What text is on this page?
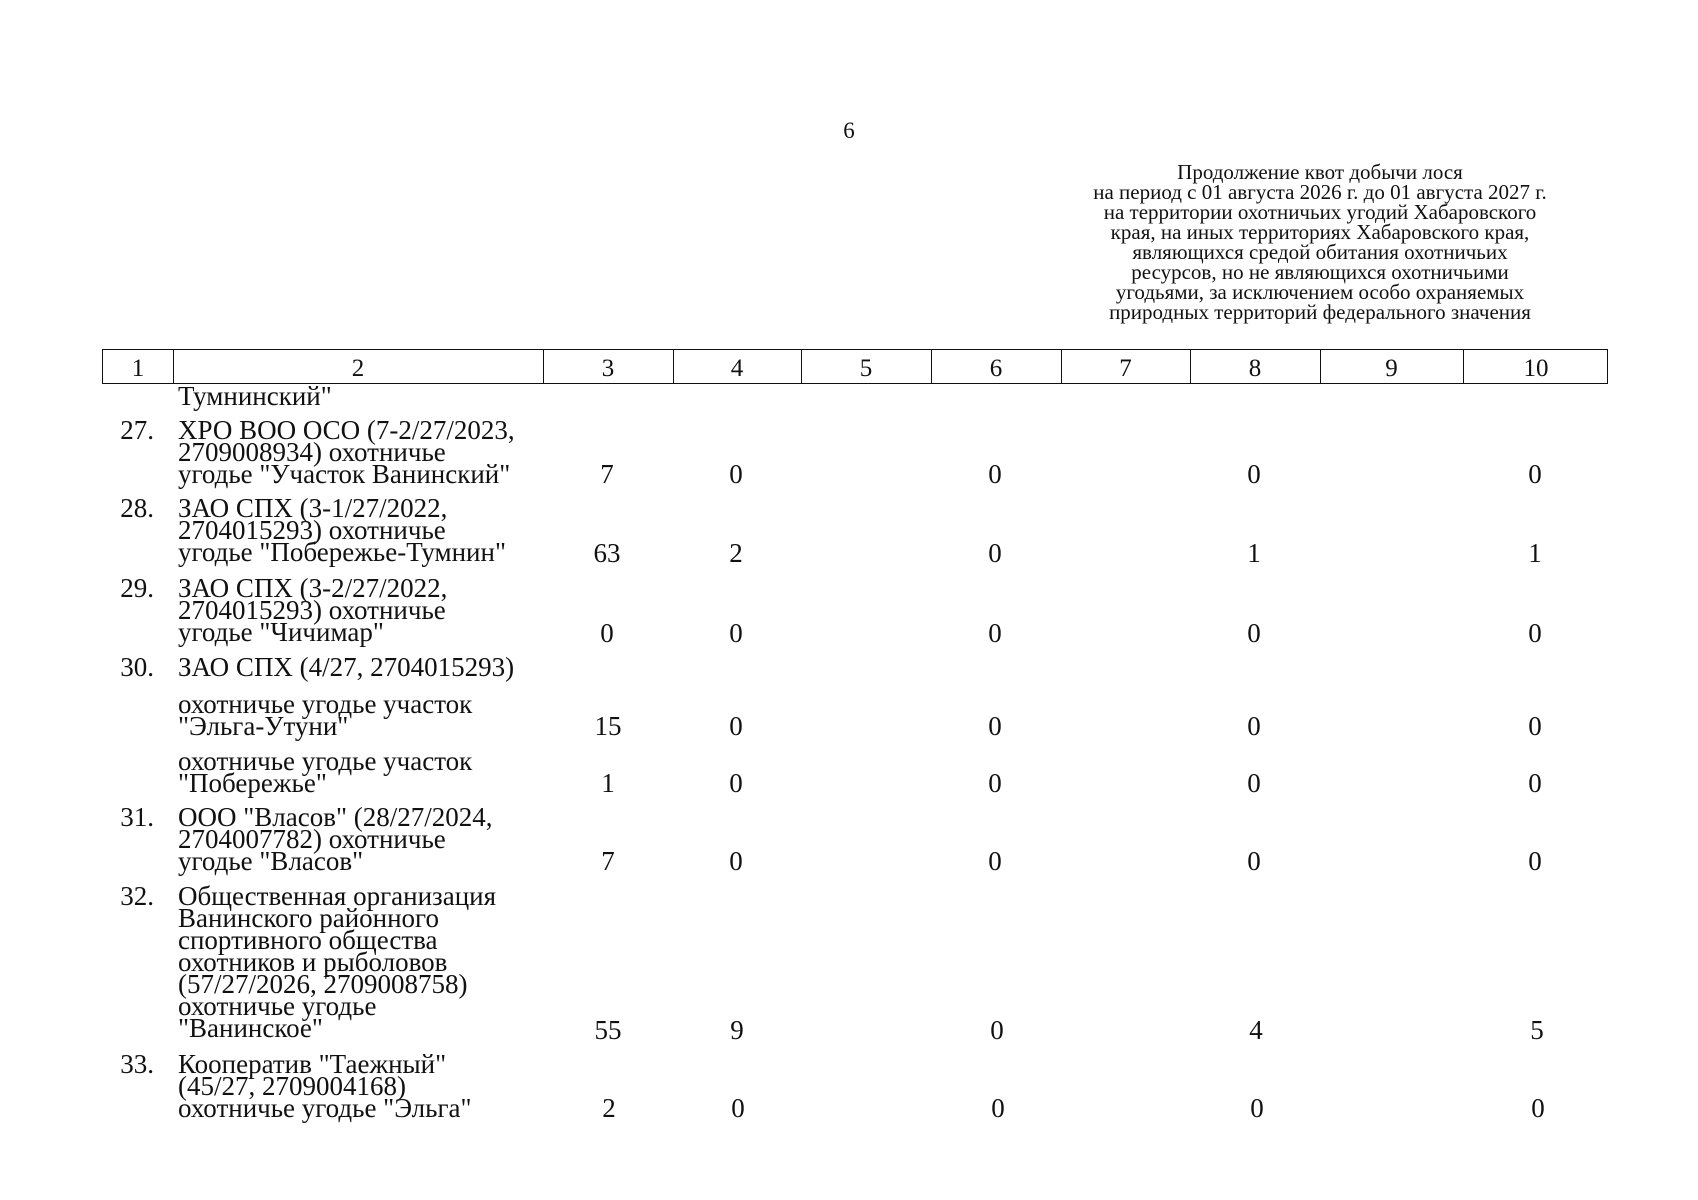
6
Продолжение квот добычи лося
на период с 01 августа 2026 г. до 01 августа 2027 г.
на территории охотничьих угодий Хабаровского
края, на иных территориях Хабаровского края,
являющихся средой обитания охотничьих
ресурсов, но не являющихся охотничьими
угодьями, за исключением особо охраняемых
природных территорий федерального значения
1	2	3	4	5	6	7	8	9	10
Тумнинский"
27. ХРО ВОО ОСО (7-2/27/2023,
2709008934) охотничье
угодье "Участок Ванинский"	7	0	0	0	0
28. ЗАО СПХ (3-1/27/2022,
2704015293) охотничье
угодье "Побережье-Тумнин"	63	2	0	1	1
29. ЗАО СПХ (3-2/27/2022,
2704015293) охотничье
угодье "Чичимар"	0	0	0	0	0
30. ЗАО СПХ (4/27, 2704015293)
охотничье угодье участок
"Эльга-Утуни"	15	0	0	0	0
охотничье угодье участок
"Побережье"	1	0	0	0	0
31. ООО "Власов" (28/27/2024,
2704007782) охотничье
угодье "Власов"	7	0	0	0	0
32. Общественная организация
Ванинского районного
спортивного общества
охотников и рыболовов
(57/27/2026, 2709008758)
охотничье угодье
"Ванинское"	55	9	0	4	5
33. Кооператив "Таежный"
(45/27, 2709004168)
охотничье угодье "Эльга"	2	0	0	0	0
